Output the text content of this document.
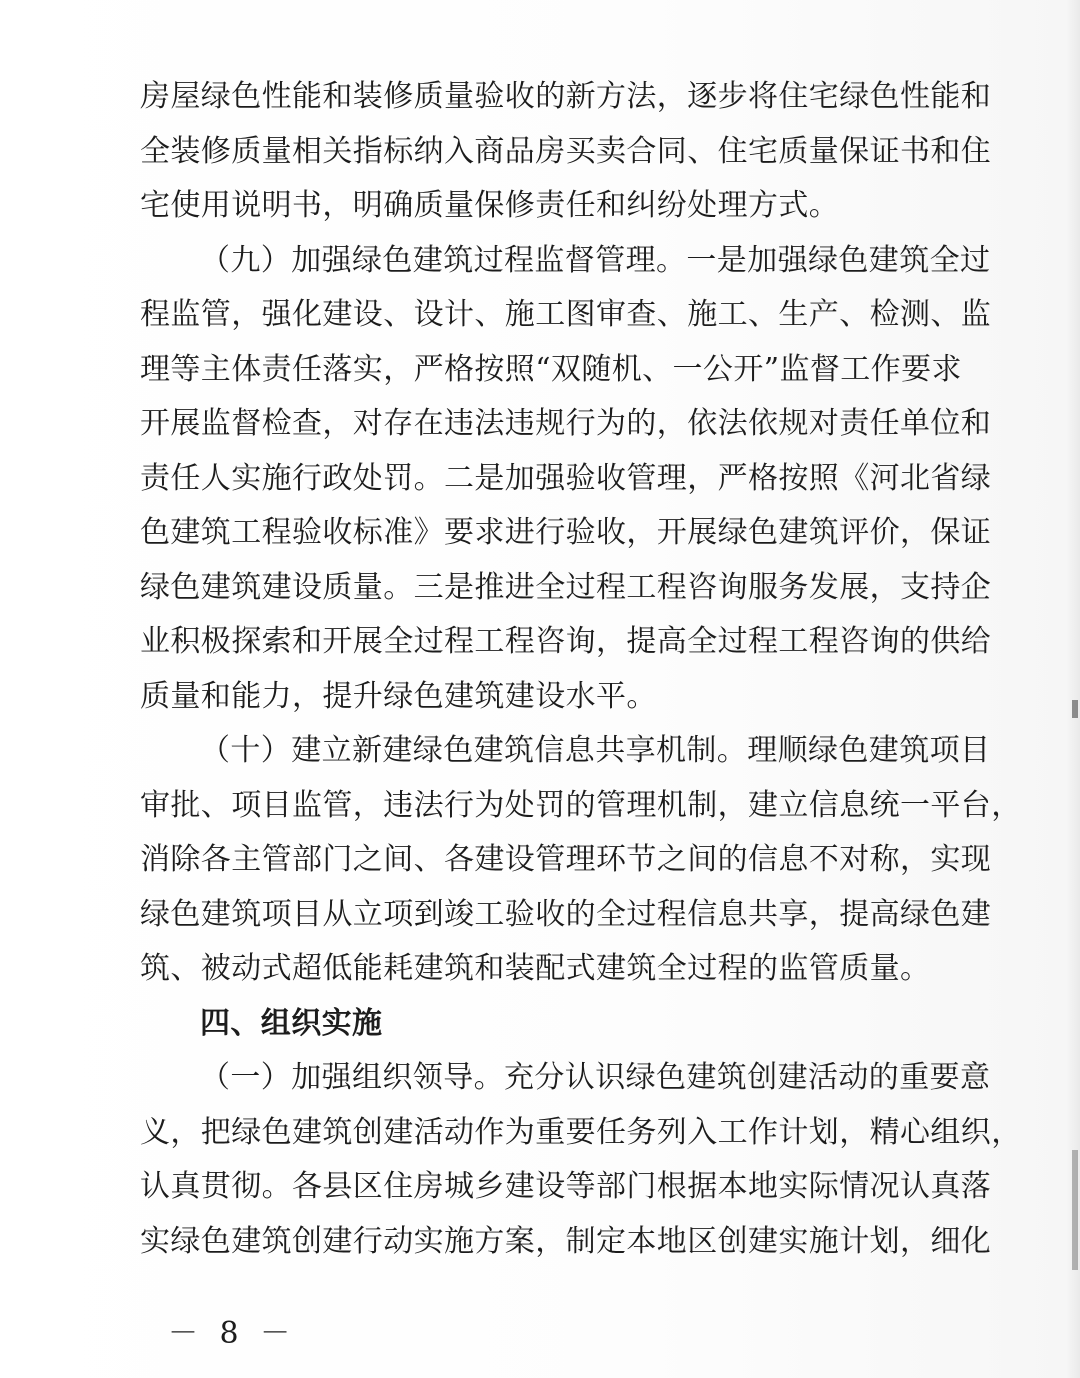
房屋绿色性能和装修质量验收的新方法，逐步将住宅绿色性能和
全装修质量相关指标纳入商品房买卖合同、住宅质量保证书和住
宅使用说明书，明确质量保修责任和纠纷处理方式。
（九）加强绿色建筑过程监督管理。一是加强绿色建筑全过
程监管，强化建设、设计、施工图审查、施工、生产、检测、监
理等主体责任落实，严格按照“双随机、一公开”监督工作要求
开展监督检查，对存在违法违规行为的，依法依规对责任单位和
责任人实施行政处罚。二是加强验收管理，严格按照《河北省绿
色建筑工程验收标准》要求进行验收，开展绿色建筑评价，保证
绿色建筑建设质量。三是推进全过程工程咨询服务发展，支持企
业积极探索和开展全过程工程咨询，提高全过程工程咨询的供给
质量和能力，提升绿色建筑建设水平。
（十）建立新建绿色建筑信息共享机制。理顺绿色建筑项目
审批、项目监管，违法行为处罚的管理机制，建立信息统一平台，
消除各主管部门之间、各建设管理环节之间的信息不对称，实现
绿色建筑项目从立项到竣工验收的全过程信息共享，提高绿色建
筑、被动式超低能耗建筑和装配式建筑全过程的监管质量。
四、组织实施
（一）加强组织领导。充分认识绿色建筑创建活动的重要意
义，把绿色建筑创建活动作为重要任务列入工作计划，精心组织，
认真贯彻。各县区住房城乡建设等部门根据本地实际情况认真落
实绿色建筑创建行动实施方案，制定本地区创建实施计划，细化
－ 8 －
